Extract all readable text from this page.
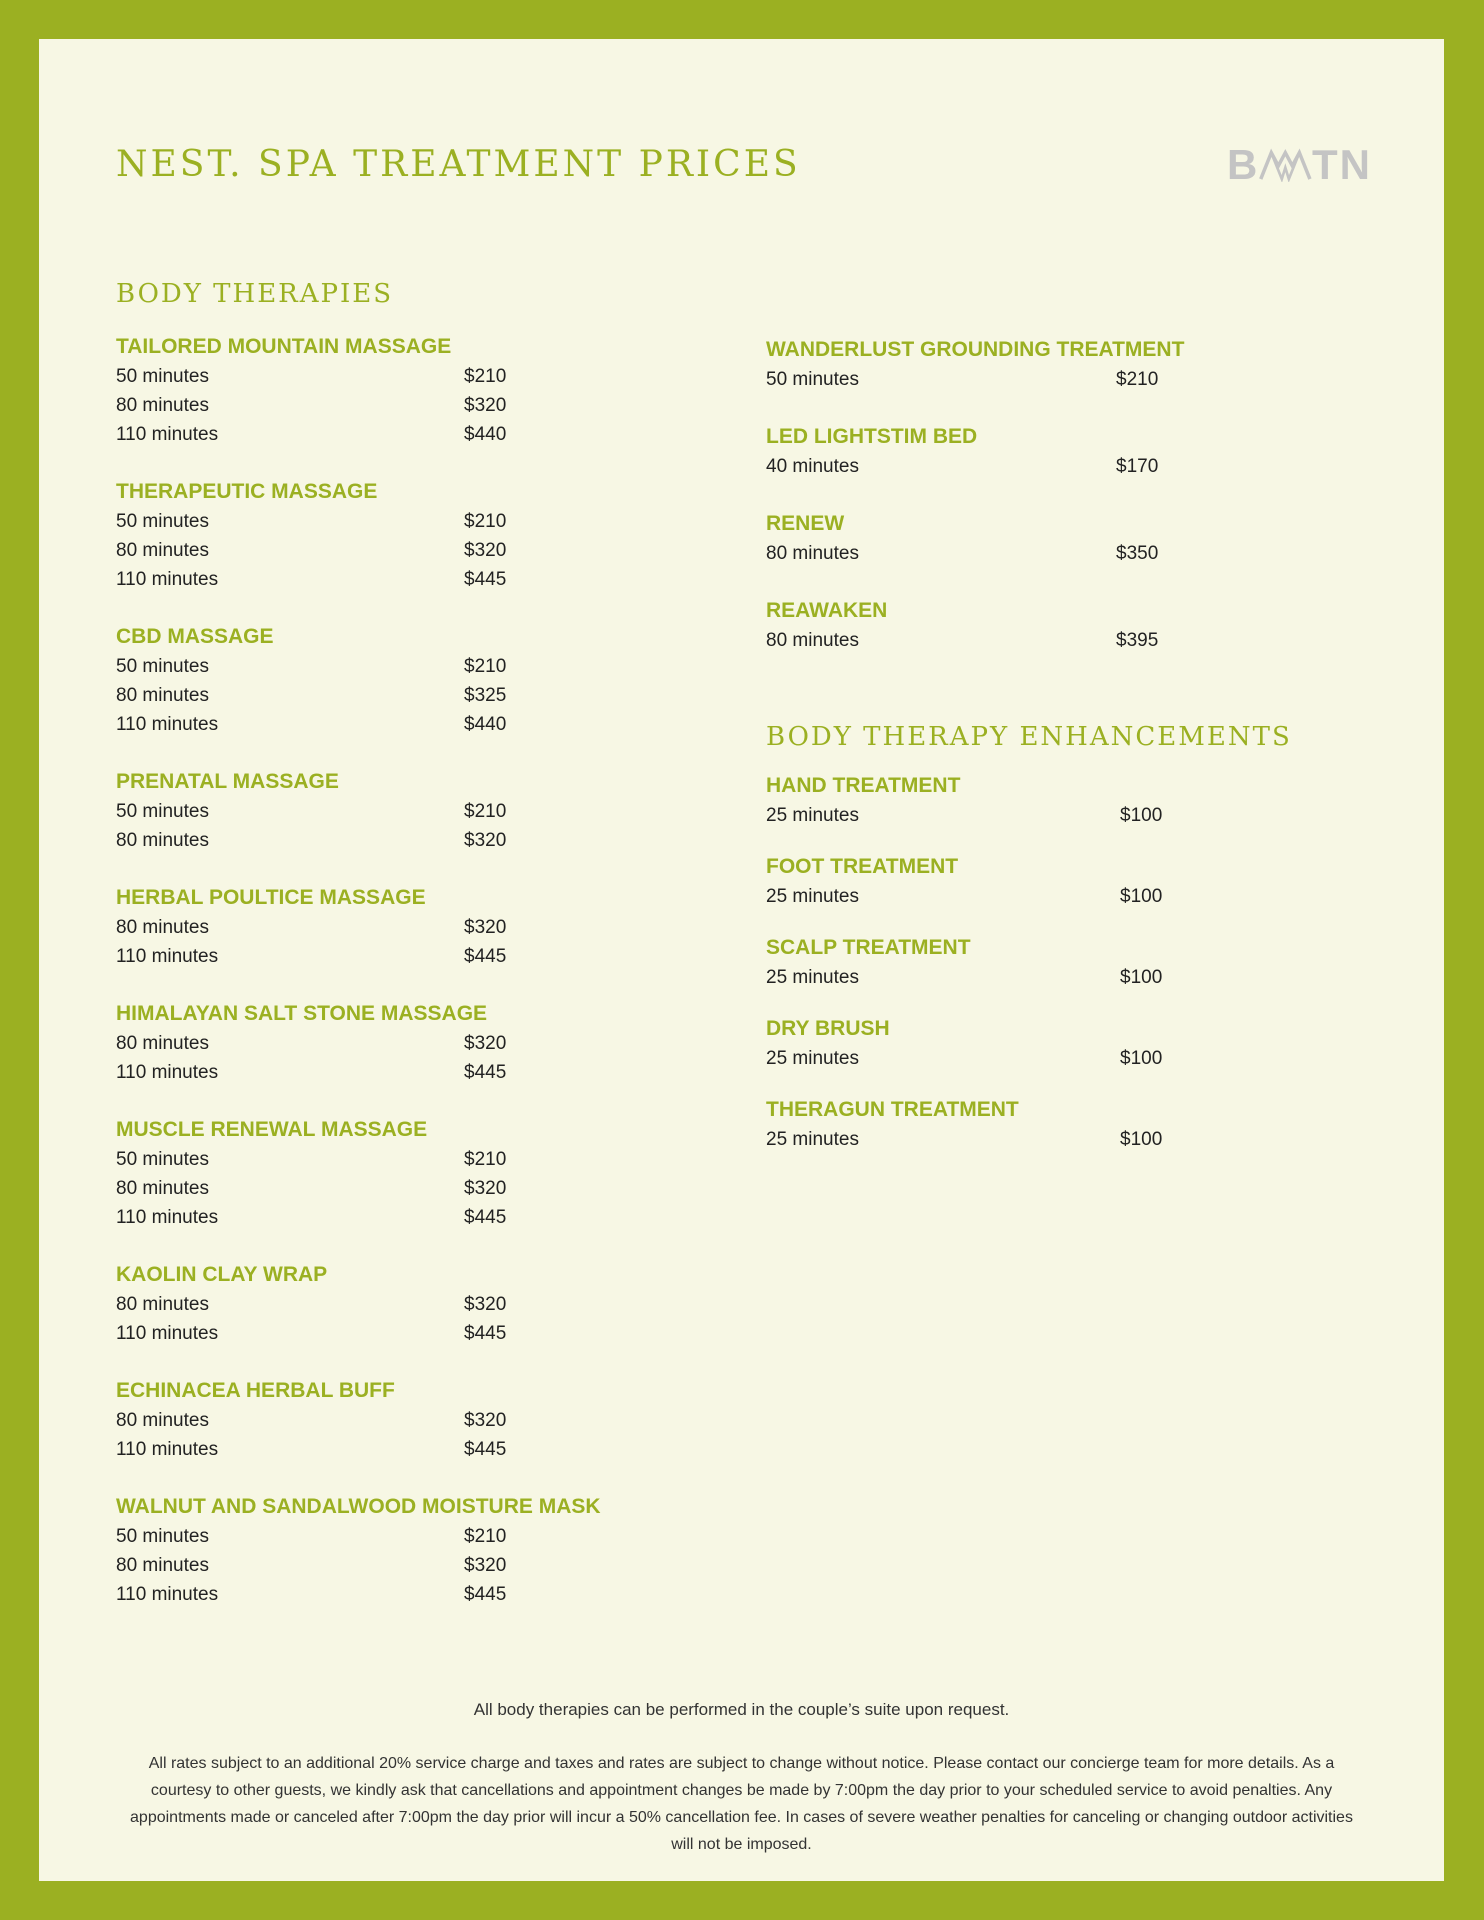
NEST. SPA TREATMENT PRICES	B TN
BODY THERAPIES
TAILORED MOUNTAIN MASSAGE
50 minutes	$210
80 minutes	$320
110 minutes	$440
THERAPEUTIC MASSAGE
50 minutes	$210
80 minutes	$320
110 minutes	$445
CBD MASSAGE
50 minutes	$210
80 minutes	$325
110 minutes	$440
PRENATAL MASSAGE
50 minutes	$210
80 minutes	$320
HERBAL POULTICE MASSAGE
80 minutes	$320
110 minutes	$445
HIMALAYAN SALT STONE MASSAGE
80 minutes	$320
110 minutes	$445
MUSCLE RENEWAL MASSAGE
50 minutes	$210
80 minutes	$320
110 minutes	$445
KAOLIN CLAY WRAP
80 minutes	$320
110 minutes	$445
ECHINACEA HERBAL BUFF
80 minutes	$320
110 minutes	$445
WALNUT AND SANDALWOOD MOISTURE MASK
50 minutes	$210
80 minutes	$320
110 minutes	$445
WANDERLUST GROUNDING TREATMENT
50 minutes	$210
LED LIGHTSTIM BED
40 minutes	$170
RENEW
80 minutes	$350
REAWAKEN
80 minutes	$395
BODY THERAPY ENHANCEMENTS
HAND TREATMENT
25 minutes	$100
FOOT TREATMENT
25 minutes	$100
SCALP TREATMENT
25 minutes	$100
DRY BRUSH
25 minutes	$100
THERAGUN TREATMENT
25 minutes	$100
All body therapies can be performed in the couple’s suite upon request.
All rates subject to an additional 20% service charge and taxes and rates are subject to change without notice. Please contact our concierge team for more details. As a courtesy to other guests, we kindly ask that cancellations and appointment changes be made by 7:00pm the day prior to your scheduled service to avoid penalties. Any appointments made or canceled after 7:00pm the day prior will incur a 50% cancellation fee. In cases of severe weather penalties for canceling or changing outdoor activities will not be imposed.
